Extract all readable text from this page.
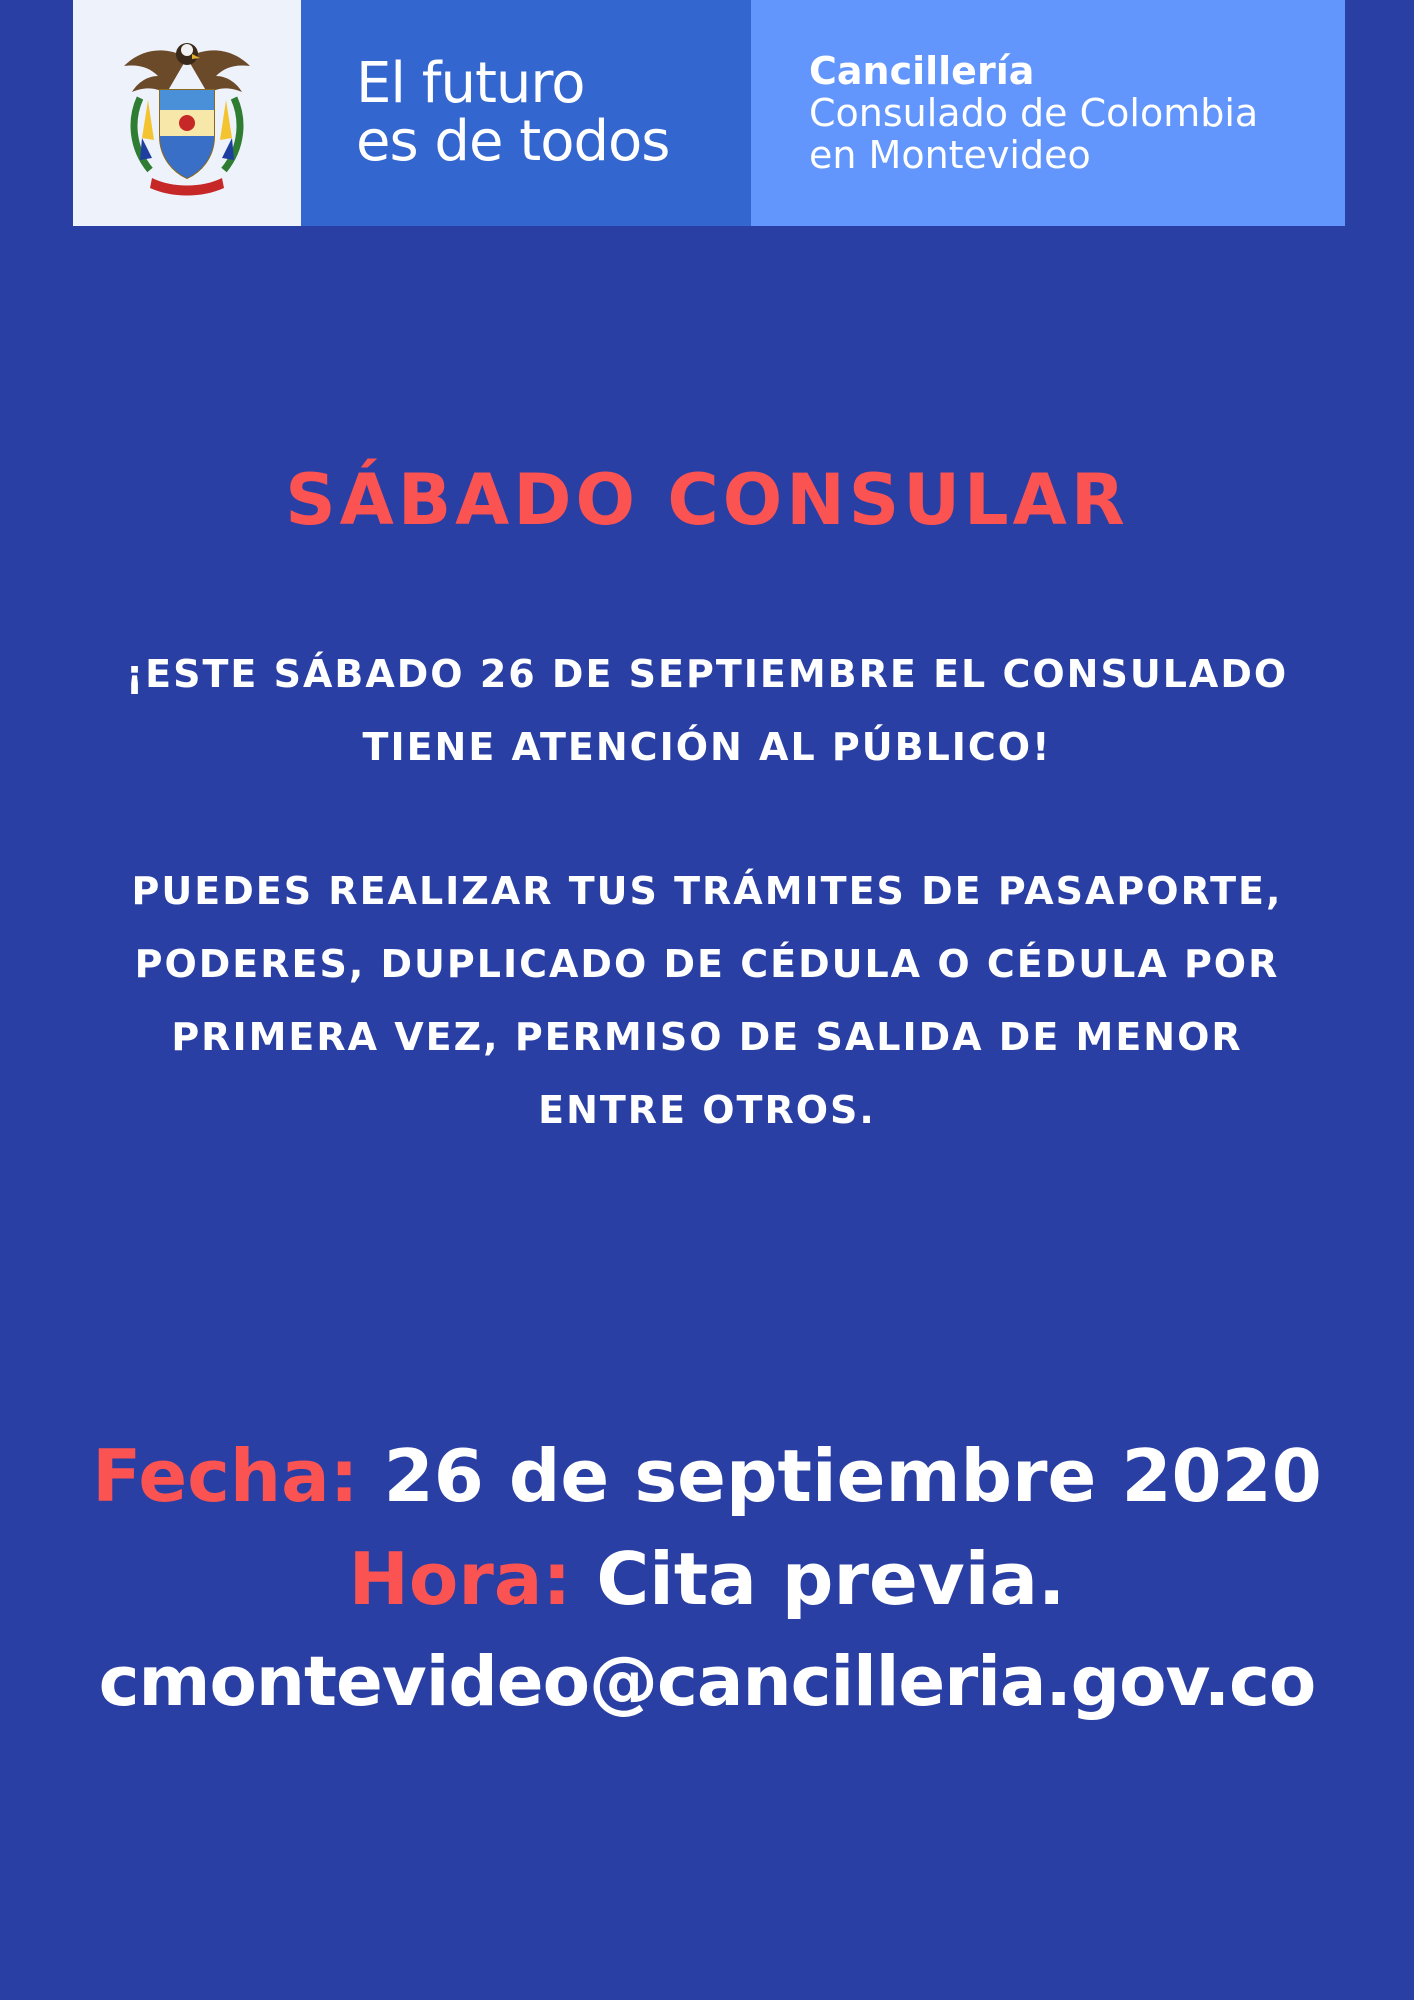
El futuro
es de todos
Cancillería
Consulado de Colombia
en Montevideo
SÁBADO CONSULAR
¡ESTE SÁBADO 26 DE SEPTIEMBRE EL CONSULADO
TIENE ATENCIÓN AL PÚBLICO!
PUEDES REALIZAR TUS TRÁMITES DE PASAPORTE,
PODERES, DUPLICADO DE CÉDULA O CÉDULA POR
PRIMERA VEZ, PERMISO DE SALIDA DE MENOR
ENTRE OTROS.
Fecha: 26 de septiembre 2020
Hora: Cita previa.
cmontevideo@cancilleria.gov.co
